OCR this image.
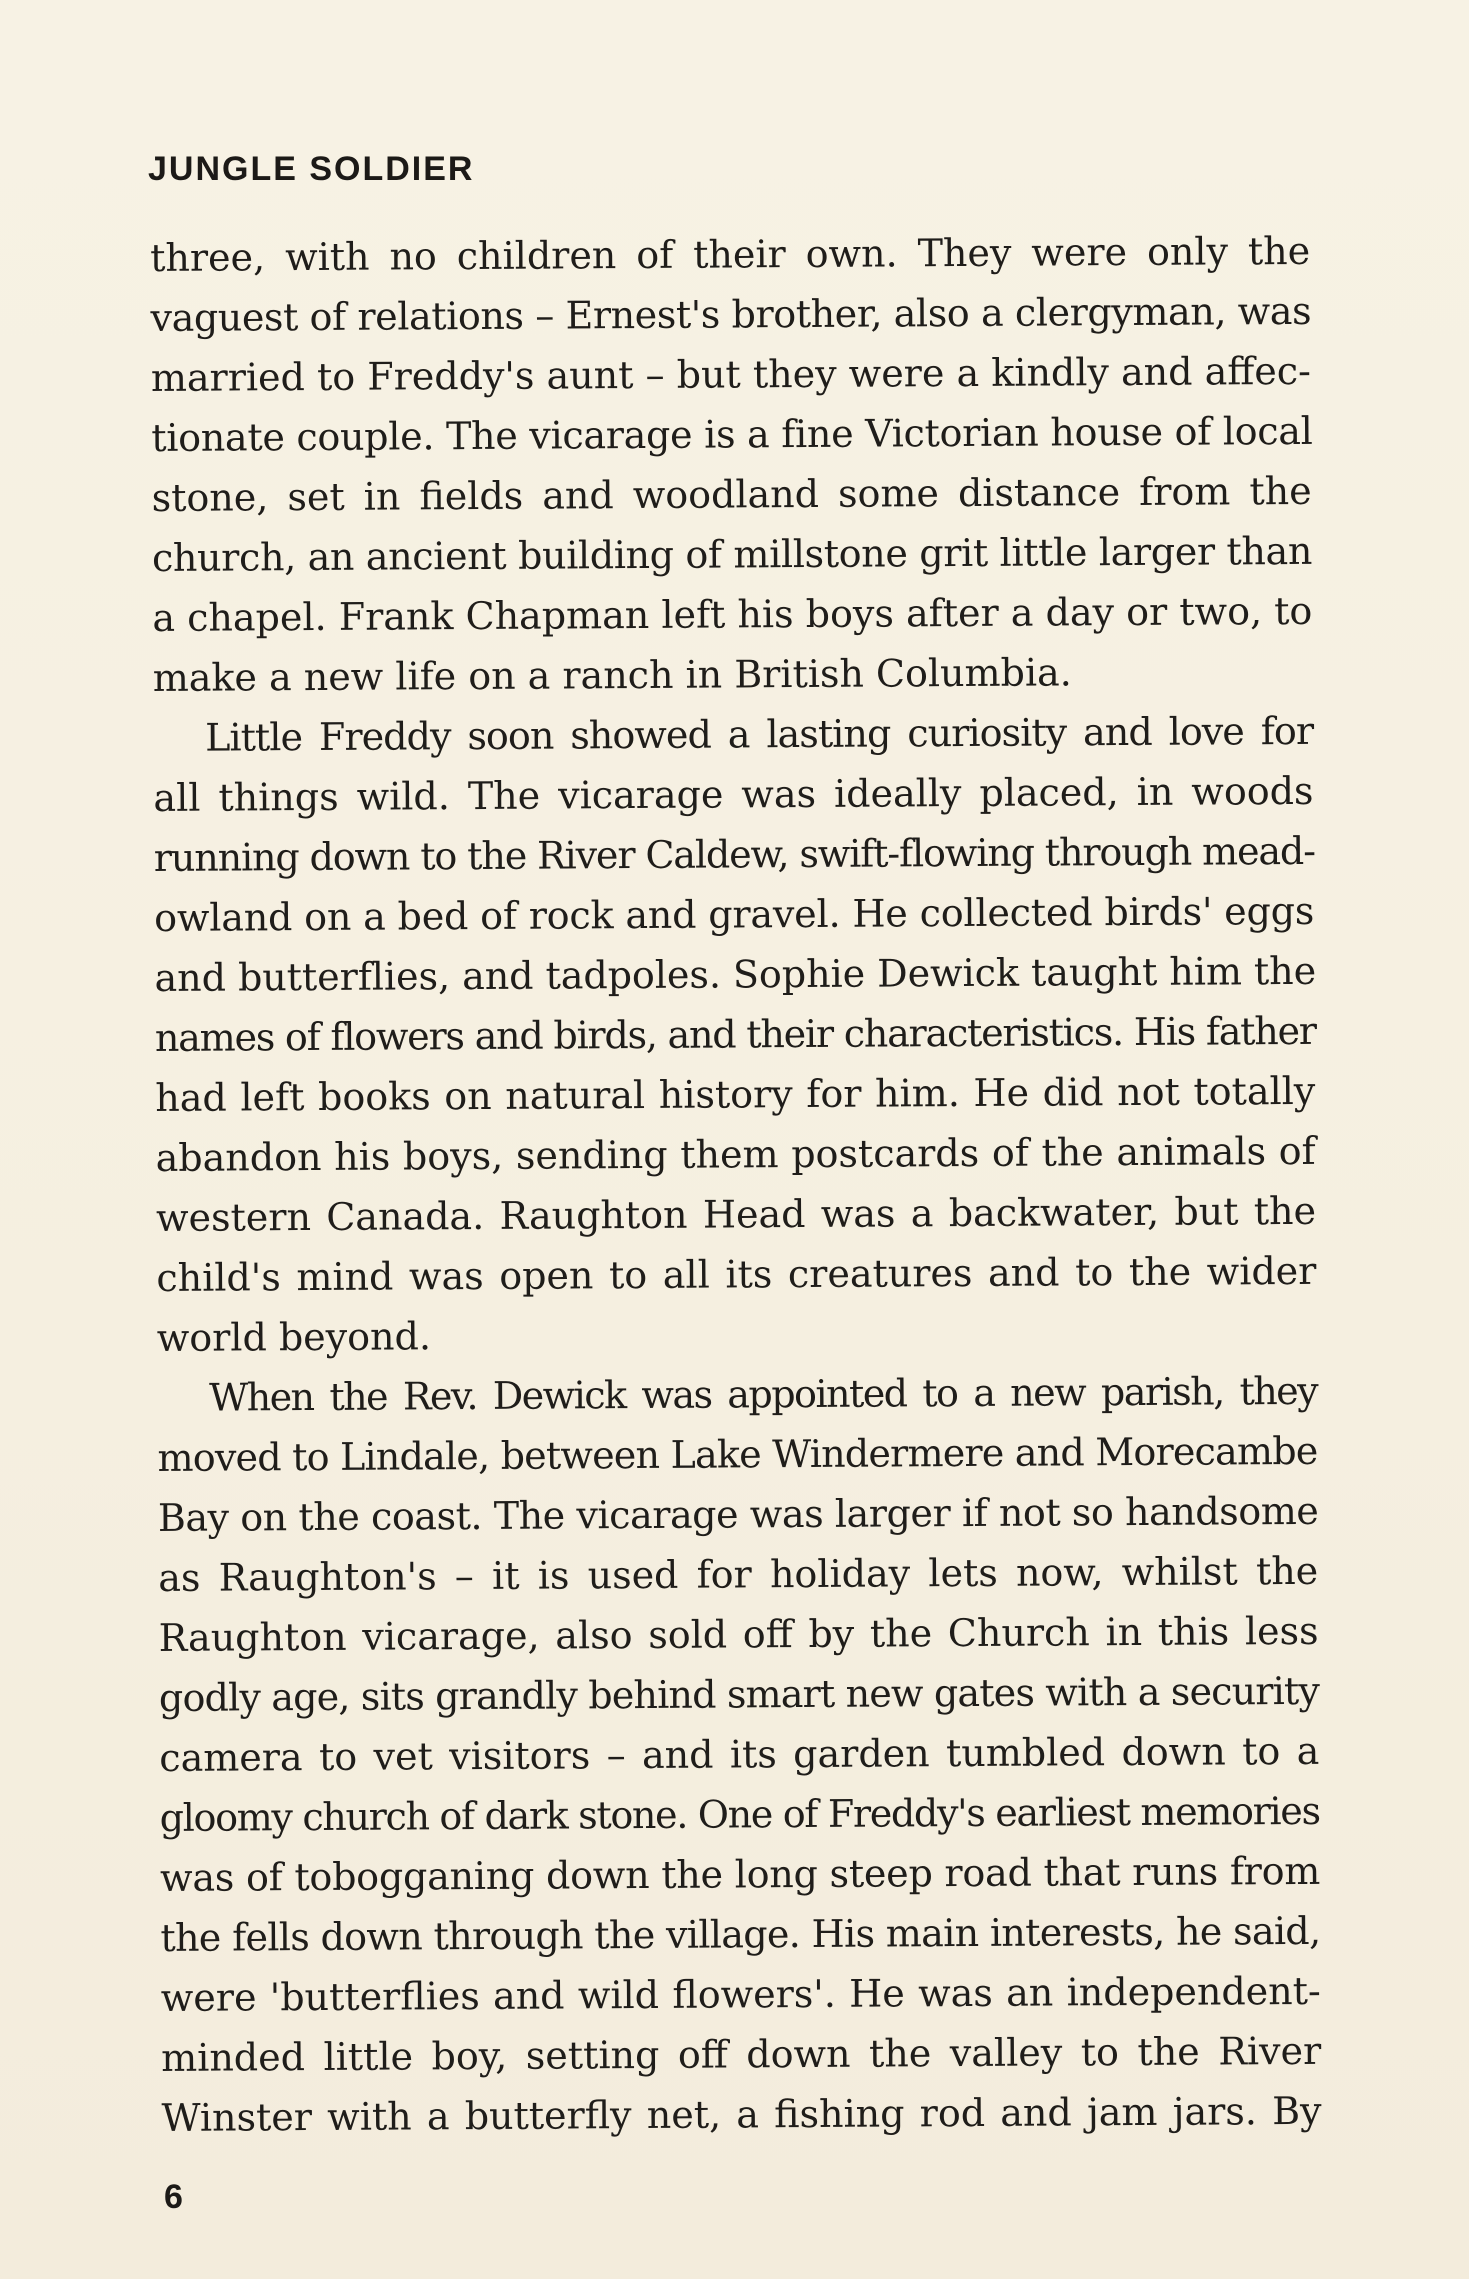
JUNGLE SOLDIER

three, with no children of their own. They were only the
vaguest of relations – Ernest's brother, also a clergyman, was
married to Freddy's aunt – but they were a kindly and affec-
tionate couple. The vicarage is a fine Victorian house of local
stone, set in fields and woodland some distance from the
church, an ancient building of millstone grit little larger than
a chapel. Frank Chapman left his boys after a day or two, to
make a new life on a ranch in British Columbia.

Little Freddy soon showed a lasting curiosity and love for
all things wild. The vicarage was ideally placed, in woods
running down to the River Caldew, swift-flowing through mead-
owland on a bed of rock and gravel. He collected birds' eggs
and butterflies, and tadpoles. Sophie Dewick taught him the
names of flowers and birds, and their characteristics. His father
had left books on natural history for him. He did not totally
abandon his boys, sending them postcards of the animals of
western Canada. Raughton Head was a backwater, but the
child's mind was open to all its creatures and to the wider
world beyond.

When the Rev. Dewick was appointed to a new parish, they
moved to Lindale, between Lake Windermere and Morecambe
Bay on the coast. The vicarage was larger if not so handsome
as Raughton's – it is used for holiday lets now, whilst the
Raughton vicarage, also sold off by the Church in this less
godly age, sits grandly behind smart new gates with a security
camera to vet visitors – and its garden tumbled down to a
gloomy church of dark stone. One of Freddy's earliest memories
was of tobogganing down the long steep road that runs from
the fells down through the village. His main interests, he said,
were 'butterflies and wild flowers'. He was an independent-
minded little boy, setting off down the valley to the River
Winster with a butterfly net, a fishing rod and jam jars. By

6
